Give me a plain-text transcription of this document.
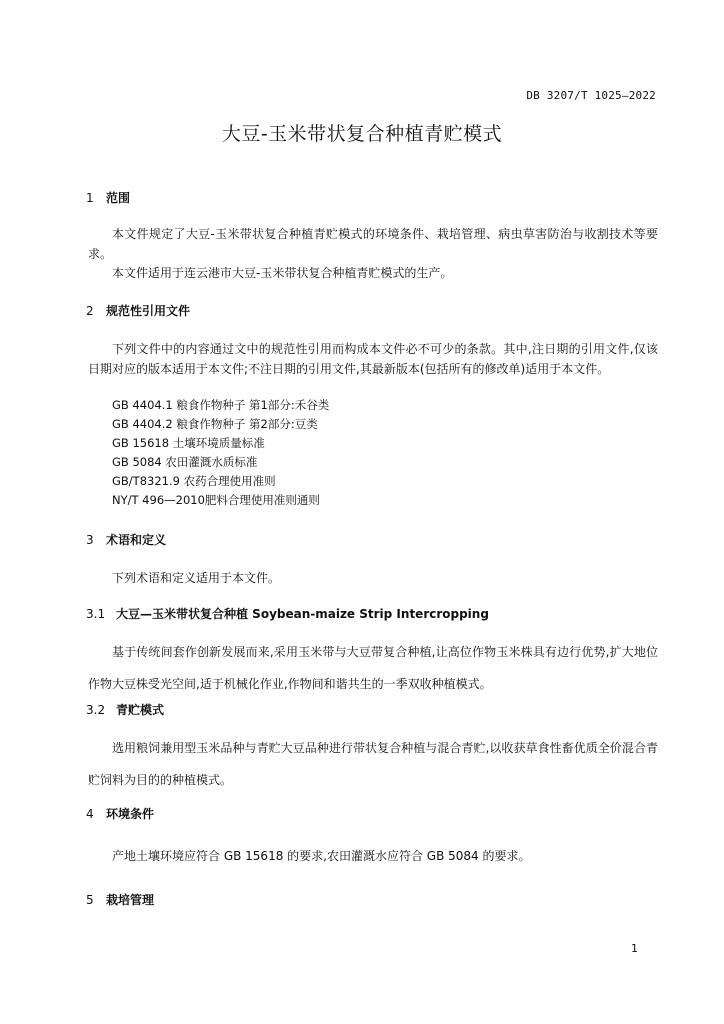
DB 3207/T 1025—2022
大豆-玉米带状复合种植青贮模式
1 范围
本文件规定了大豆-玉米带状复合种植青贮模式的环境条件、栽培管理、病虫草害防治与收割技术等要求。
本文件适用于连云港市大豆-玉米带状复合种植青贮模式的生产。
2 规范性引用文件
下列文件中的内容通过文中的规范性引用而构成本文件必不可少的条款。其中,注日期的引用文件,仅该日期对应的版本适用于本文件;不注日期的引用文件,其最新版本(包括所有的修改单)适用于本文件。
GB 4404.1 粮食作物种子 第1部分:禾谷类
GB 4404.2 粮食作物种子 第2部分:豆类
GB 15618 土壤环境质量标准
GB 5084 农田灌溉水质标准
GB/T8321.9 农药合理使用准则
NY/T 496—2010肥料合理使用准则通则
3 术语和定义
下列术语和定义适用于本文件。
3.1 大豆—玉米带状复合种植 Soybean-maize Strip Intercropping
基于传统间套作创新发展而来,采用玉米带与大豆带复合种植,让高位作物玉米株具有边行优势,扩大地位作物大豆株受光空间,适于机械化作业,作物间和谐共生的一季双收种植模式。
3.2 青贮模式
选用粮饲兼用型玉米品种与青贮大豆品种进行带状复合种植与混合青贮,以收获草食性畜优质全价混合青贮饲料为目的的种植模式。
4 环境条件
产地土壤环境应符合 GB 15618 的要求,农田灌溉水应符合 GB 5084 的要求。
5 栽培管理
1
